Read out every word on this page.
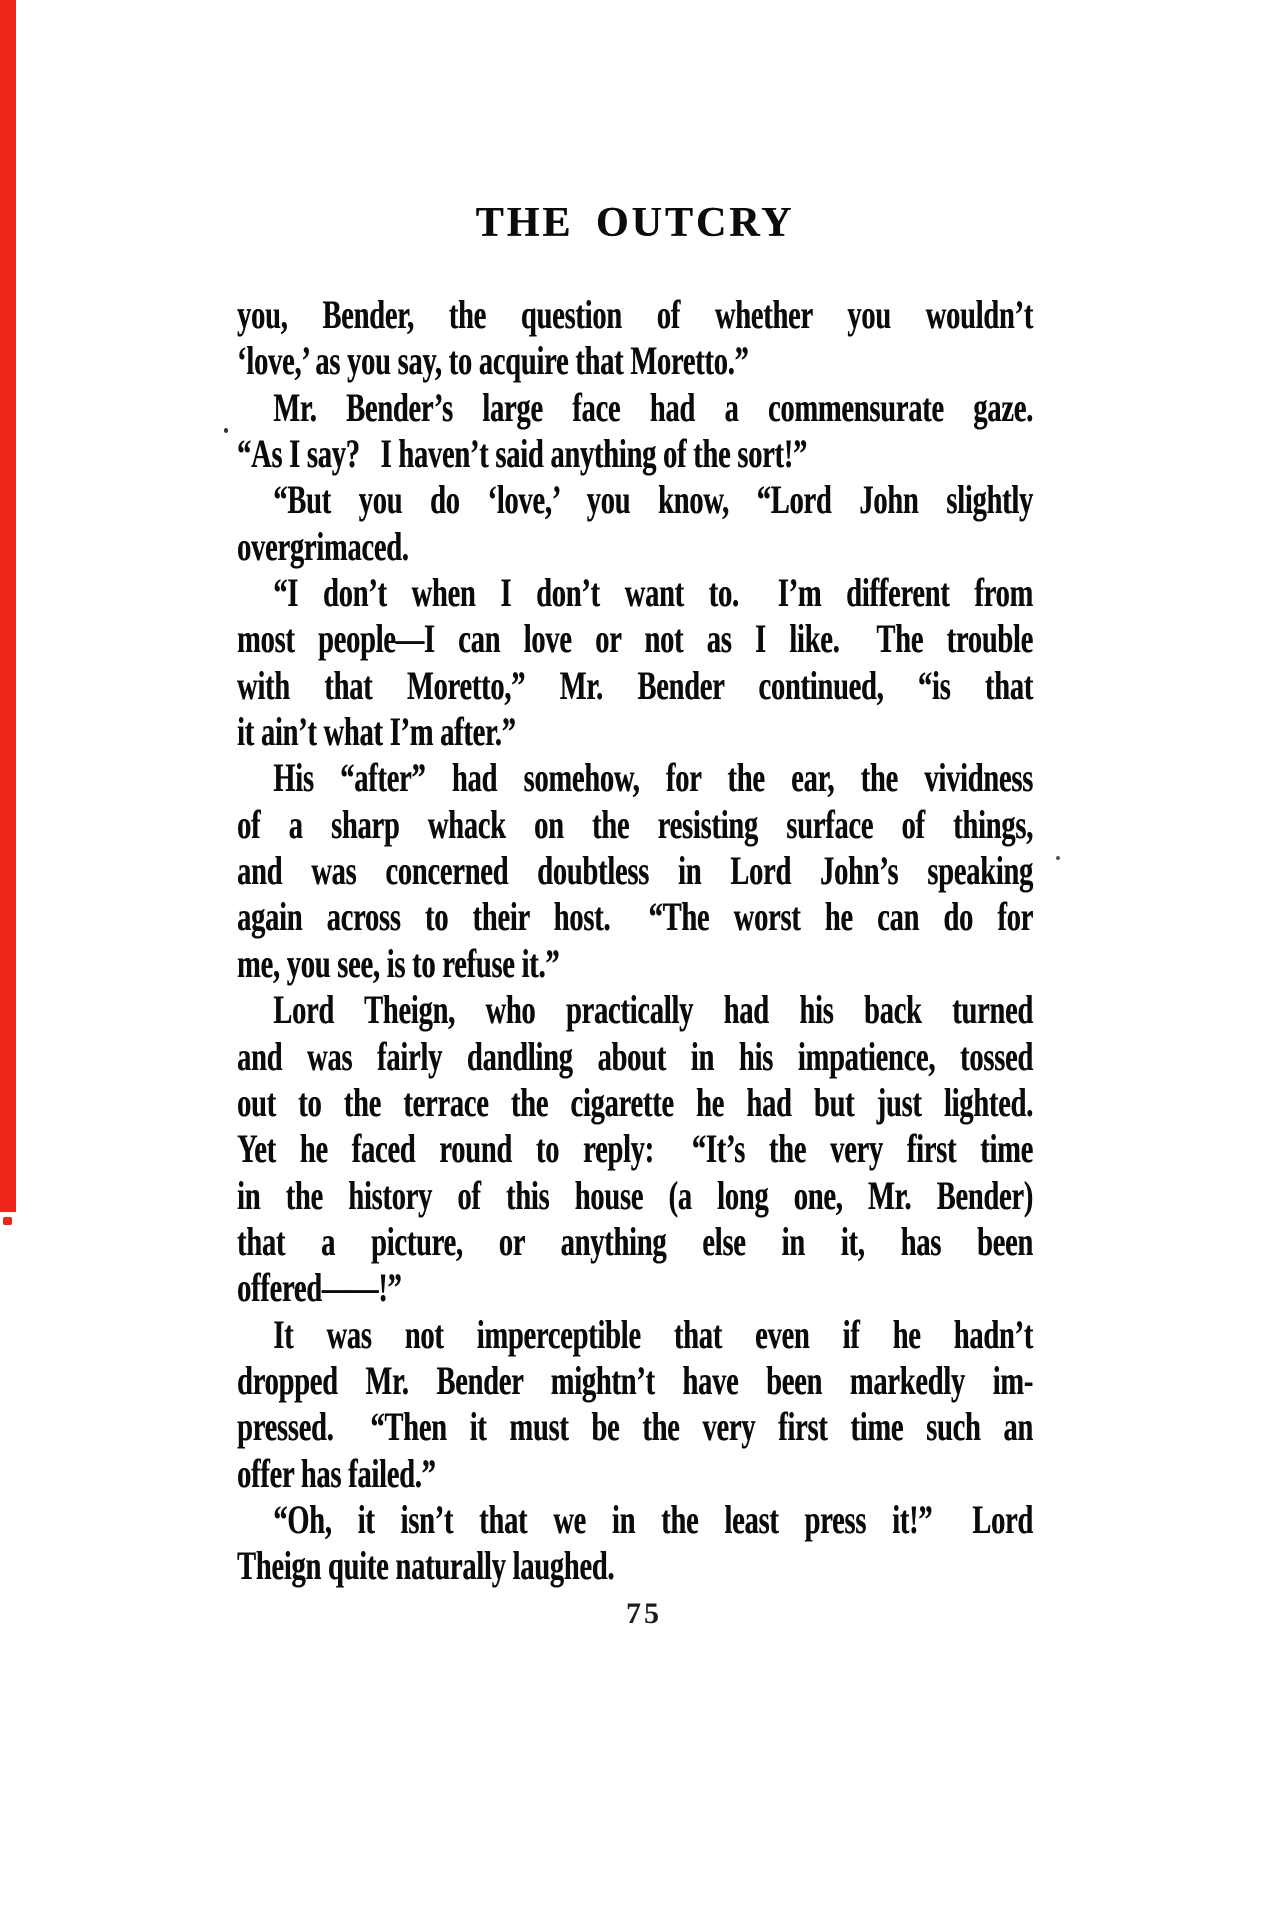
THE OUTCRY
you, Bender, the question of whether you wouldn’t
‘love,’ as you say, to acquire that Moretto.”
Mr. Bender’s large face had a commensurate gaze.
“As I say?  I haven’t said anything of the sort!”
“But you do ‘love,’ you know, “Lord John slightly
overgrimaced.
“I don’t when I don’t want to.  I’m different from
most people—I can love or not as I like.  The trouble
with that Moretto,” Mr. Bender continued, “is that
it ain’t what I’m after.”
His “after” had somehow, for the ear, the vividness
of a sharp whack on the resisting surface of things,
and was concerned doubtless in Lord John’s speaking
again across to their host.  “The worst he can do for
me, you see, is to refuse it.”
Lord Theign, who practically had his back turned
and was fairly dandling about in his impatience, tossed
out to the terrace the cigarette he had but just lighted.
Yet he faced round to reply:  “It’s the very first time
in the history of this house (a long one, Mr. Bender)
that a picture, or anything else in it, has been
offered——!”
It was not imperceptible that even if he hadn’t
dropped Mr. Bender mightn’t have been markedly im-
pressed.  “Then it must be the very first time such an
offer has failed.”
“Oh, it isn’t that we in the least press it!”  Lord
Theign quite naturally laughed.
75
